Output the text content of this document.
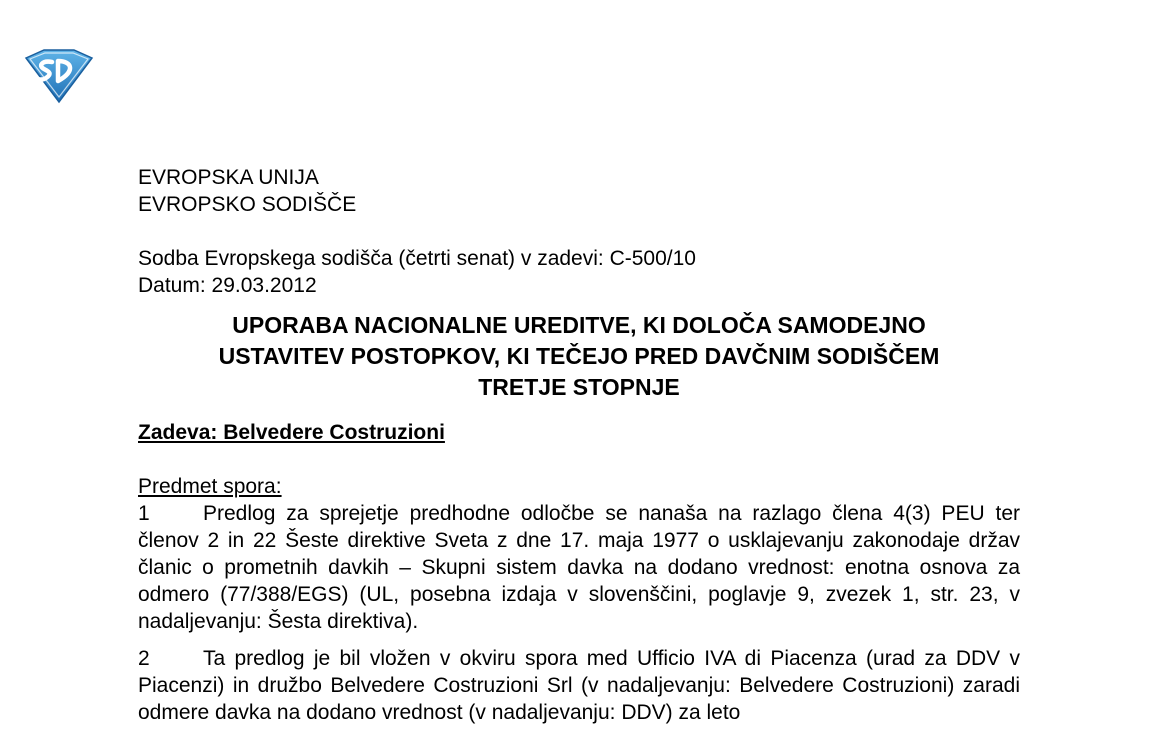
EVROPSKA UNIJA
EVROPSKO SODIŠČE
Sodba Evropskega sodišča (četrti senat) v zadevi: C-500/10
Datum: 29.03.2012
UPORABA NACIONALNE UREDITVE, KI DOLOČA SAMODEJNO
USTAVITEV POSTOPKOV, KI TEČEJO PRED DAVČNIM SODIŠČEM
TRETJE STOPNJE
Zadeva: Belvedere Costruzioni
Predmet spora:
1	Predlog za sprejetje predhodne odločbe se nanaša na razlago člena 4(3) PEU ter členov 2 in 22 Šeste direktive Sveta z dne 17. maja 1977 o usklajevanju zakonodaje držav članic o prometnih davkih – Skupni sistem davka na dodano vrednost: enotna osnova za odmero (77/388/EGS) (UL, posebna izdaja v slovenščini, poglavje 9, zvezek 1, str. 23, v nadaljevanju: Šesta direktiva).
2	Ta predlog je bil vložen v okviru spora med Ufficio IVA di Piacenza (urad za DDV v Piacenzi) in družbo Belvedere Costruzioni Srl (v nadaljevanju: Belvedere Costruzioni) zaradi odmere davka na dodano vrednost (v nadaljevanju: DDV) za leto
